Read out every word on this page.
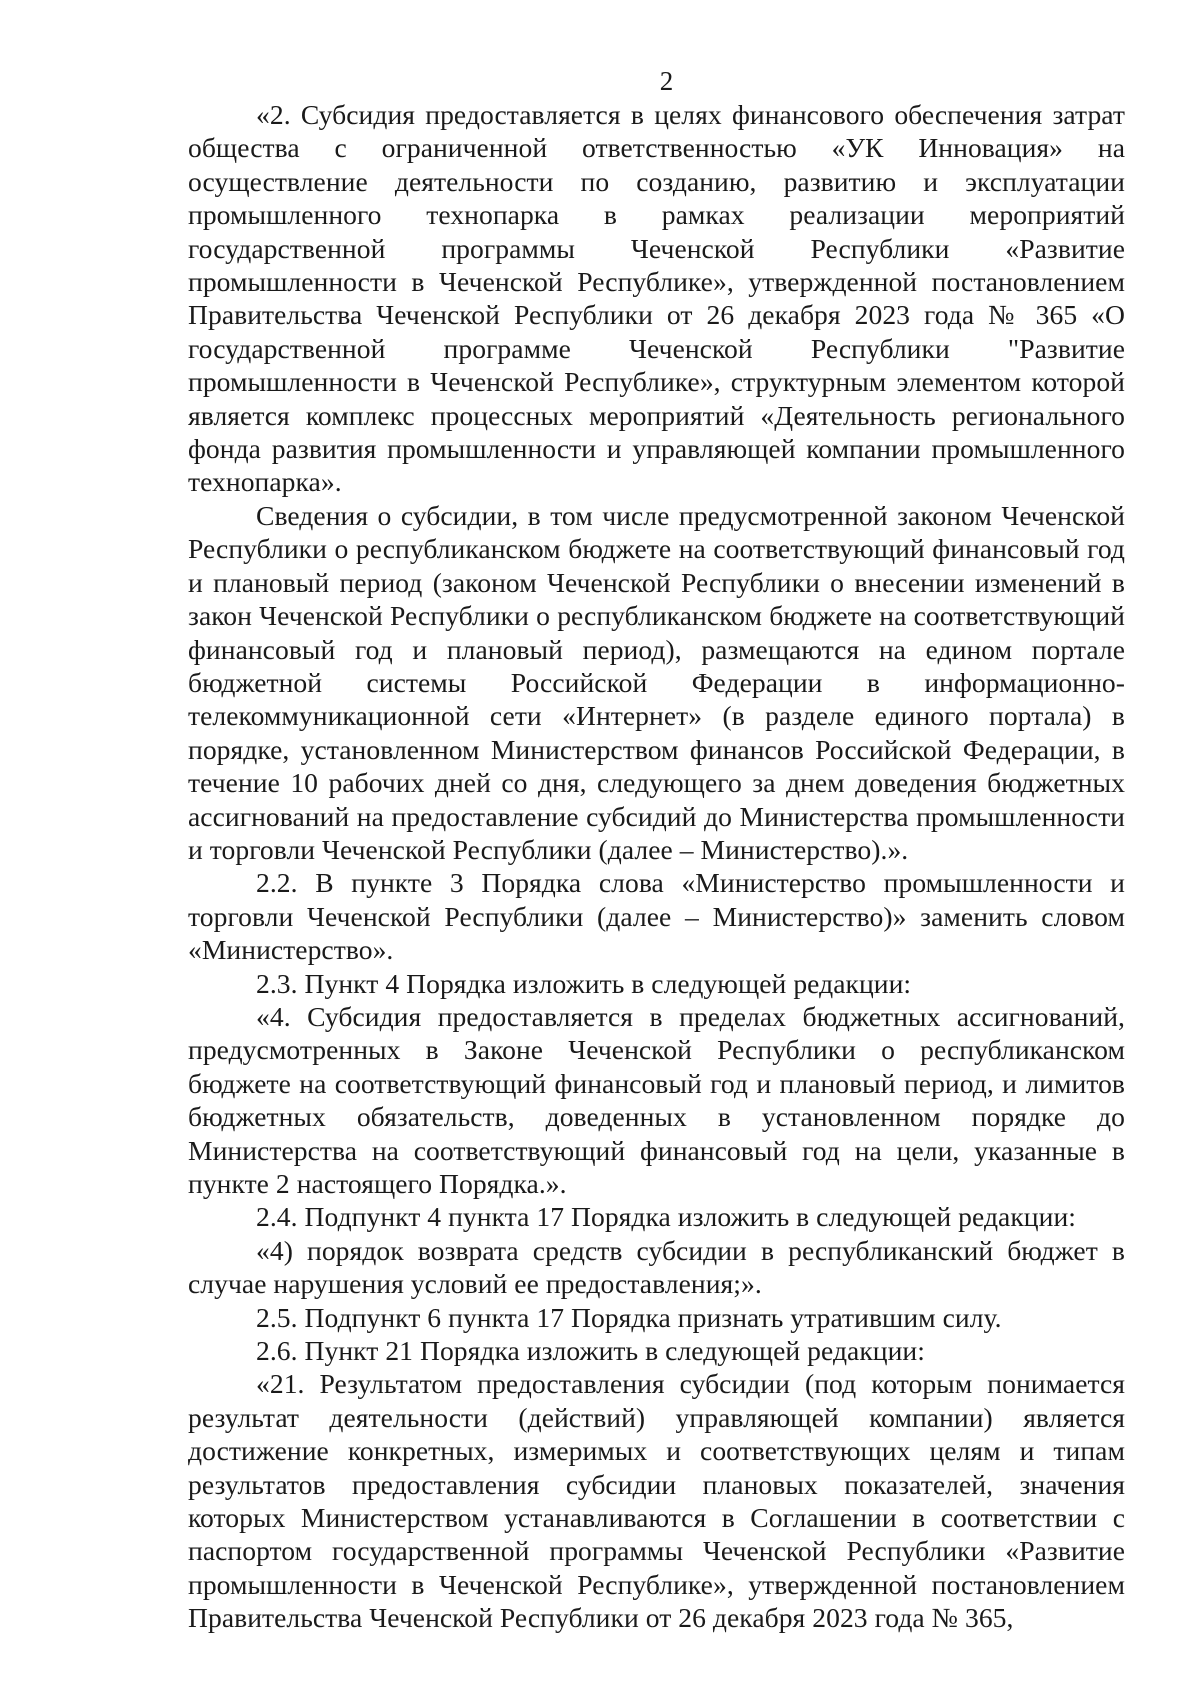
2

«2. Субсидия предоставляется в целях финансового обеспечения затрат общества с ограниченной ответственностью «УК Инновация» на осуществление деятельности по созданию, развитию и эксплуатации промышленного технопарка в рамках реализации мероприятий государственной программы Чеченской Республики «Развитие промышленности в Чеченской Республике», утвержденной постановлением Правительства Чеченской Республики от 26 декабря 2023 года № 365 «О государственной программе Чеченской Республики "Развитие промышленности в Чеченской Республике», структурным элементом которой является комплекс процессных мероприятий «Деятельность регионального фонда развития промышленности и управляющей компании промышленного технопарка».

Сведения о субсидии, в том числе предусмотренной законом Чеченской Республики о республиканском бюджете на соответствующий финансовый год и плановый период (законом Чеченской Республики о внесении изменений в закон Чеченской Республики о республиканском бюджете на соответствующий финансовый год и плановый период), размещаются на едином портале бюджетной системы Российской Федерации в информационно-телекоммуникационной сети «Интернет» (в разделе единого портала) в порядке, установленном Министерством финансов Российской Федерации, в течение 10 рабочих дней со дня, следующего за днем доведения бюджетных ассигнований на предоставление субсидий до Министерства промышленности и торговли Чеченской Республики (далее – Министерство).».

2.2. В пункте 3 Порядка слова «Министерство промышленности и торговли Чеченской Республики (далее – Министерство)» заменить словом «Министерство».

2.3. Пункт 4 Порядка изложить в следующей редакции:

«4. Субсидия предоставляется в пределах бюджетных ассигнований, предусмотренных в Законе Чеченской Республики о республиканском бюджете на соответствующий финансовый год и плановый период, и лимитов бюджетных обязательств, доведенных в установленном порядке до Министерства на соответствующий финансовый год на цели, указанные в пункте 2 настоящего Порядка.».

2.4. Подпункт 4 пункта 17 Порядка изложить в следующей редакции:

«4) порядок возврата средств субсидии в республиканский бюджет в случае нарушения условий ее предоставления;».

2.5. Подпункт 6 пункта 17 Порядка признать утратившим силу.

2.6. Пункт 21 Порядка изложить в следующей редакции:

«21. Результатом предоставления субсидии (под которым понимается результат деятельности (действий) управляющей компании) является достижение конкретных, измеримых и соответствующих целям и типам результатов предоставления субсидии плановых показателей, значения которых Министерством устанавливаются в Соглашении в соответствии с паспортом государственной программы Чеченской Республики «Развитие промышленности в Чеченской Республике», утвержденной постановлением Правительства Чеченской Республики от 26 декабря 2023 года № 365,
